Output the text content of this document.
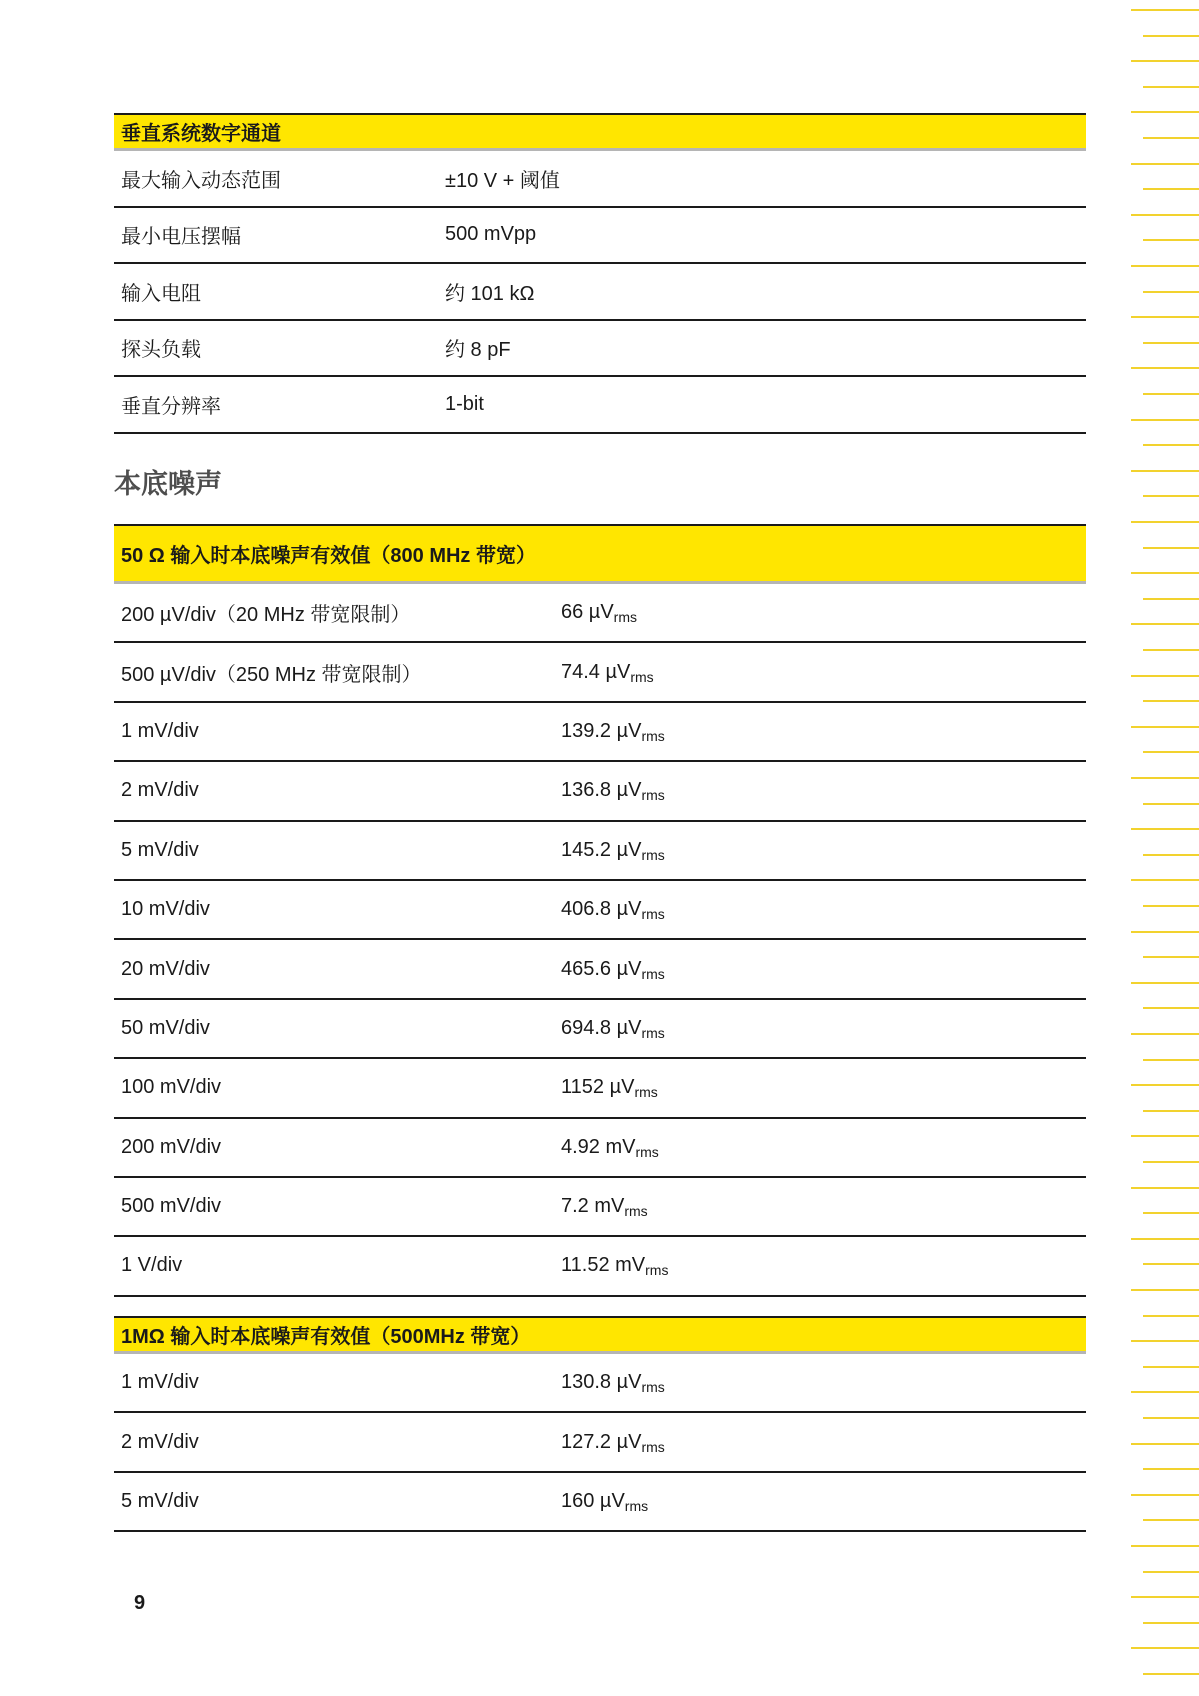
垂直系统数字通道
最大输入动态范围	±10 V + 阈值
最小电压摆幅	500 mVpp
输入电阻	约 101 kΩ
探头负载	约 8 pF
垂直分辨率	1-bit
本底噪声
50 Ω 输入时本底噪声有效值（800 MHz 带宽）
200 µV/div（20 MHz 带宽限制）	66 µV$_{rms}$
500 µV/div（250 MHz 带宽限制）	74.4 µV$_{rms}$
1 mV/div	139.2 µV$_{rms}$
2 mV/div	136.8 µV$_{rms}$
5 mV/div	145.2 µV$_{rms}$
10 mV/div	406.8 µV$_{rms}$
20 mV/div	465.6 µV$_{rms}$
50 mV/div	694.8 µV$_{rms}$
100 mV/div	1152 µV$_{rms}$
200 mV/div	4.92 $mV_{rms}$
500 mV/div	7.2 $mV_{rms}$
1 V/div	11.52 $mV_{rms}$
1MΩ 输入时本底噪声有效值（500MHz 带宽）
1 mV/div	130.8 µV$_{rms}$
2 mV/div	127.2 µV$_{rms}$
5 mV/div	160 µV$_{rms}$
9
